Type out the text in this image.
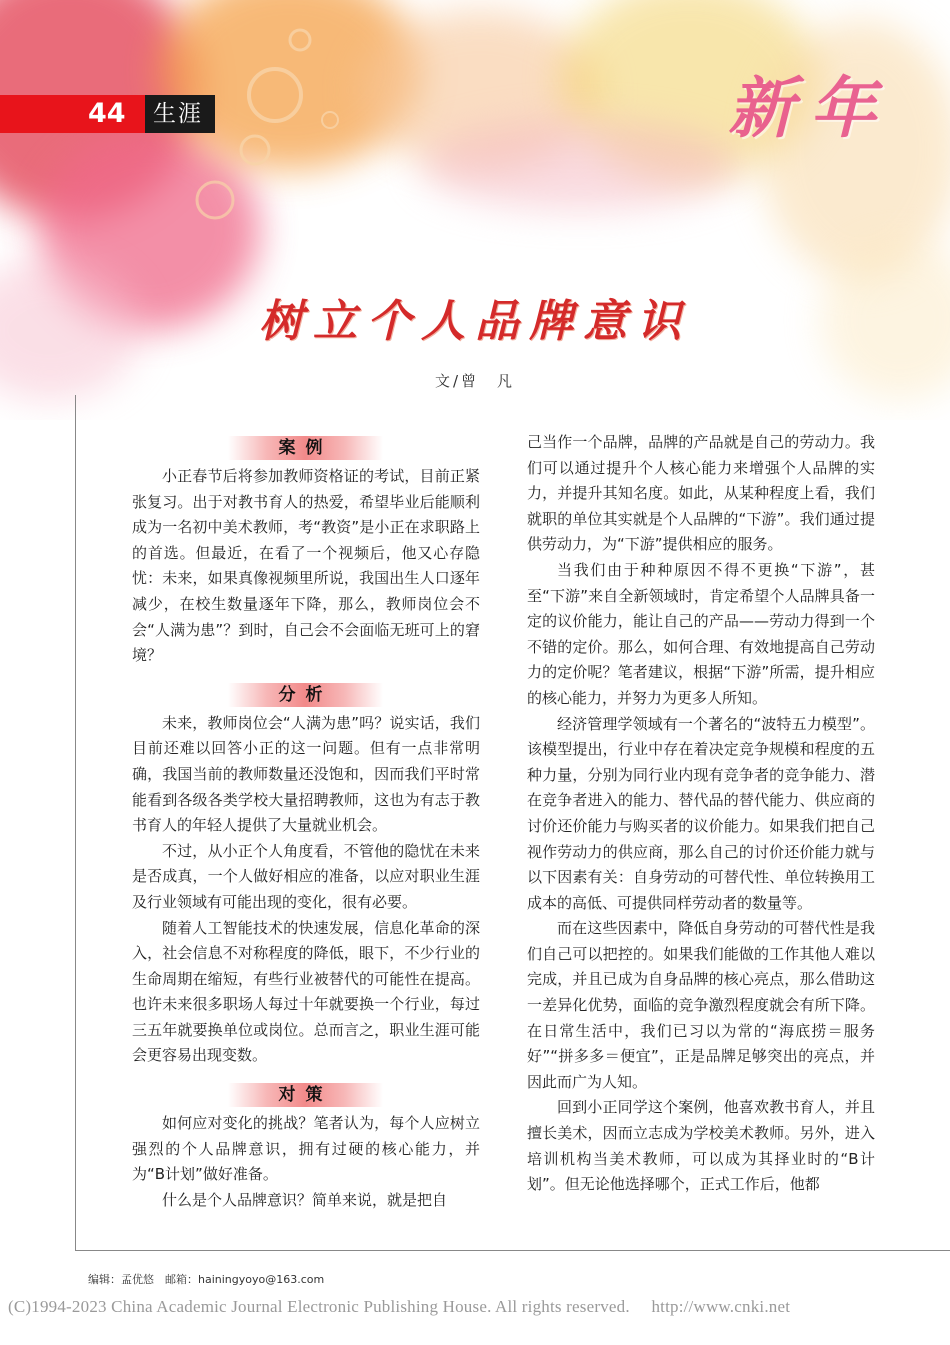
44	生涯	新年
树立个人品牌意识
文/曾　凡
案例

小正春节后将参加教师资格证的考试，目前正紧张复习。出于对教书育人的热爱，希望毕业后能顺利成为一名初中美术教师，考“教资”是小正在求职路上的首选。但最近，在看了一个视频后，他又心存隐忧：未来，如果真像视频里所说，我国出生人口逐年减少，在校生数量逐年下降，那么，教师岗位会不会“人满为患”？到时，自己会不会面临无班可上的窘境？

分析

未来，教师岗位会“人满为患”吗？说实话，我们目前还难以回答小正的这一问题。但有一点非常明确，我国当前的教师数量还没饱和，因而我们平时常能看到各级各类学校大量招聘教师，这也为有志于教书育人的年轻人提供了大量就业机会。

不过，从小正个人角度看，不管他的隐忧在未来是否成真，一个人做好相应的准备，以应对职业生涯及行业领域有可能出现的变化，很有必要。

随着人工智能技术的快速发展，信息化革命的深入，社会信息不对称程度的降低，眼下，不少行业的生命周期在缩短，有些行业被替代的可能性在提高。也许未来很多职场人每过十年就要换一个行业，每过三五年就要换单位或岗位。总而言之，职业生涯可能会更容易出现变数。

对策

如何应对变化的挑战？笔者认为，每个人应树立强烈的个人品牌意识，拥有过硬的核心能力，并为“B计划”做好准备。

什么是个人品牌意识？简单来说，就是把自

己当作一个品牌，品牌的产品就是自己的劳动力。我们可以通过提升个人核心能力来增强个人品牌的实力，并提升其知名度。如此，从某种程度上看，我们就职的单位其实就是个人品牌的“下游”。我们通过提供劳动力，为“下游”提供相应的服务。

当我们由于种种原因不得不更换“下游”，甚至“下游”来自全新领域时，肯定希望个人品牌具备一定的议价能力，能让自己的产品——劳动力得到一个不错的定价。那么，如何合理、有效地提高自己劳动力的定价呢？笔者建议，根据“下游”所需，提升相应的核心能力，并努力为更多人所知。

经济管理学领域有一个著名的“波特五力模型”。该模型提出，行业中存在着决定竞争规模和程度的五种力量，分别为同行业内现有竞争者的竞争能力、潜在竞争者进入的能力、替代品的替代能力、供应商的讨价还价能力与购买者的议价能力。如果我们把自己视作劳动力的供应商，那么自己的讨价还价能力就与以下因素有关：自身劳动的可替代性、单位转换用工成本的高低、可提供同样劳动者的数量等。

而在这些因素中，降低自身劳动的可替代性是我们自己可以把控的。如果我们能做的工作其他人难以完成，并且已成为自身品牌的核心亮点，那么借助这一差异化优势，面临的竞争激烈程度就会有所下降。在日常生活中，我们已习以为常的“海底捞＝服务好”“拼多多＝便宜”，正是品牌足够突出的亮点，并因此而广为人知。

回到小正同学这个案例，他喜欢教书育人，并且擅长美术，因而立志成为学校美术教师。另外，进入培训机构当美术教师，可以成为其择业时的“B计划”。但无论他选择哪个，正式工作后，他都

编辑：孟优悠　邮箱：hainingyoyo@163.com
(C)1994-2023 China Academic Journal Electronic Publishing House. All rights reserved.　 http://www.cnki.net
